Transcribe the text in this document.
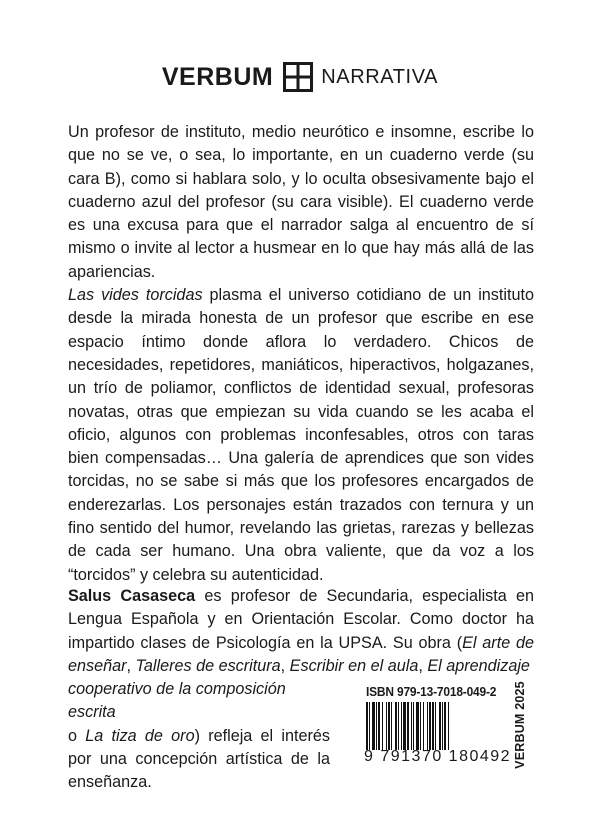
VERBUM NARRATIVA

Un profesor de instituto, medio neurótico e insomne, escribe lo que no se ve, o sea, lo importante, en un cuaderno verde (su cara B), como si hablara solo, y lo oculta obsesivamente bajo el cuaderno azul del profesor (su cara visible). El cuaderno verde es una excusa para que el narrador salga al encuentro de sí mismo o invite al lector a husmear en lo que hay más allá de las apariencias.

Las vides torcidas plasma el universo cotidiano de un instituto desde la mirada honesta de un profesor que escribe en ese espacio íntimo donde aflora lo verdadero. Chicos de necesidades, repetidores, maniáticos, hiperactivos, holgazanes, un trío de poliamor, conflictos de identidad sexual, profesoras novatas, otras que empiezan su vida cuando se les acaba el oficio, algunos con problemas inconfesables, otros con taras bien compensadas… Una galería de aprendices que son vides torcidas, no se sabe si más que los profesores encargados de enderezarlas. Los personajes están trazados con ternura y un fino sentido del humor, revelando las grietas, rarezas y bellezas de cada ser humano. Una obra valiente, que da voz a los “torcidos” y celebra su autenticidad.

Salus Casaseca es profesor de Secundaria, especialista en Lengua Española y en Orientación Escolar. Como doctor ha impartido clases de Psicología en la UPSA. Su obra (El arte de enseñar, Talleres de escritura, Escribir en el aula, El aprendizaje
cooperativo de la composición escrita
o La tiza de oro) refleja el interés por una concepción artística de la enseñanza.
ISBN 979-13-7018-049-2
9 791370 180492 VERBUM 2025
